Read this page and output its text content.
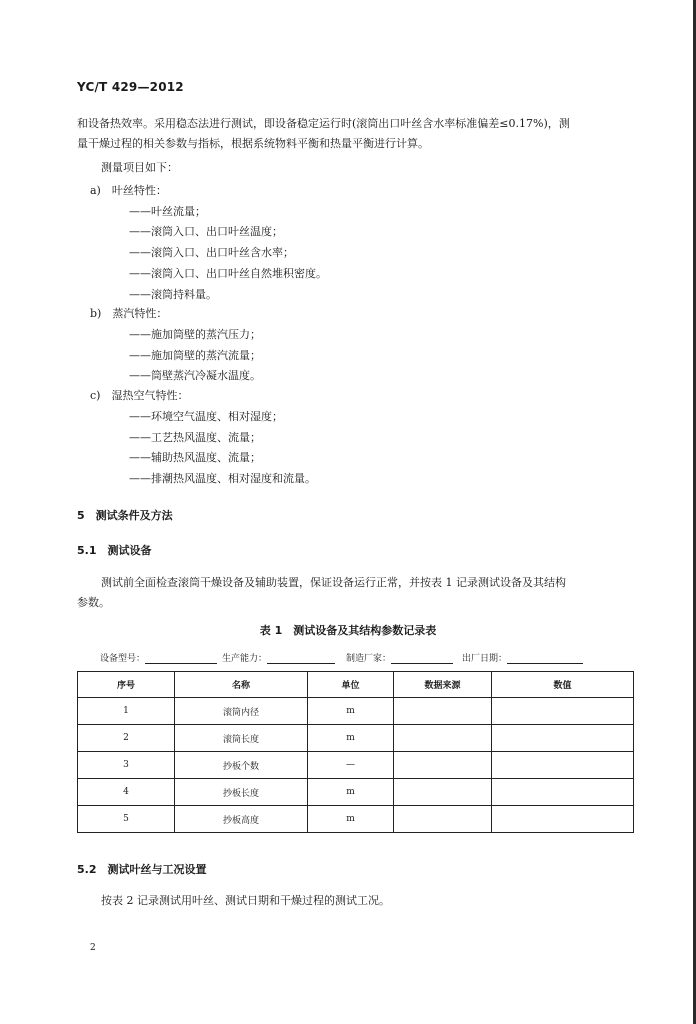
YC/T 429—2012
和设备热效率。采用稳态法进行测试，即设备稳定运行时(滚筒出口叶丝含水率标准偏差≤0.17%)，测
量干燥过程的相关参数与指标，根据系统物料平衡和热量平衡进行计算。
测量项目如下：
a)　叶丝特性：
——叶丝流量；
——滚筒入口、出口叶丝温度；
——滚筒入口、出口叶丝含水率；
——滚筒入口、出口叶丝自然堆积密度。
——滚筒持料量。
b)　蒸汽特性：
——施加筒壁的蒸汽压力；
——施加筒壁的蒸汽流量；
——筒壁蒸汽冷凝水温度。
c)　湿热空气特性：
——环境空气温度、相对湿度；
——工艺热风温度、流量；
——辅助热风温度、流量；
——排潮热风温度、相对湿度和流量。
5　测试条件及方法
5.1　测试设备
测试前全面检查滚筒干燥设备及辅助装置，保证设备运行正常，并按表 1 记录测试设备及其结构
参数。
表 1　测试设备及其结构参数记录表
设备型号：	生产能力：	制造厂家：	出厂日期：
序号	名称	单位	数据来源	数值
1	滚筒内径	m		
2	滚筒长度	m		
3	抄板个数	—		
4	抄板长度	m		
5	抄板高度	m		
5.2　测试叶丝与工况设置
按表 2 记录测试用叶丝、测试日期和干燥过程的测试工况。
2
